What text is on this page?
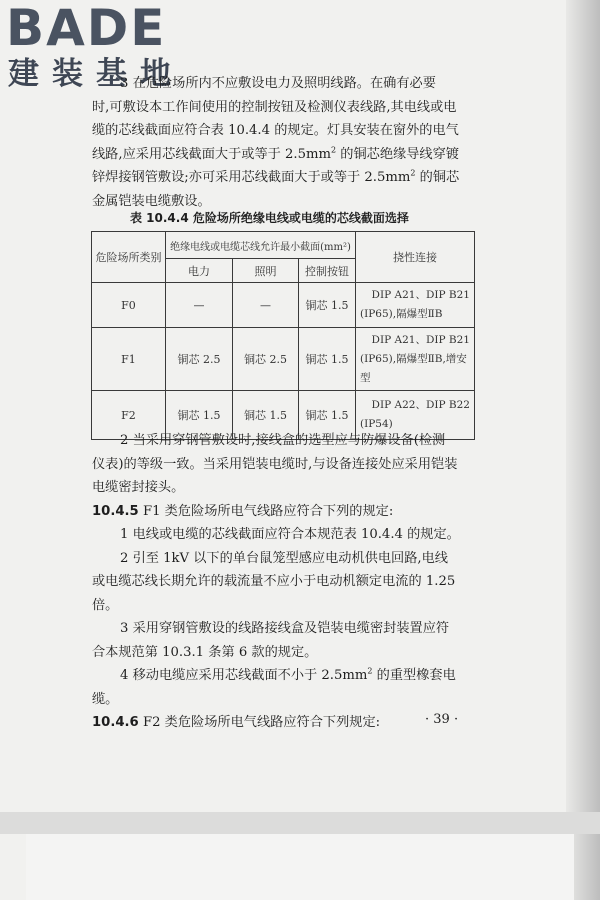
BADE
建装基地
3 在危险场所内不应敷设电力及照明线路。在确有必要
时,可敷设本工作间使用的控制按钮及检测仪表线路,其电线或电
缆的芯线截面应符合表 10.4.4 的规定。灯具安装在窗外的电气
线路,应采用芯线截面大于或等于 $2.5mm^2$ 的铜芯绝缘导线穿镀
锌焊接钢管敷设;亦可采用芯线截面大于或等于 $2.5mm^2$ 的铜芯
金属铠装电缆敷设。
表 10.4.4 危险场所绝缘电线或电缆的芯线截面选择
危险场所类别	绝缘电线或电缆芯线允许最小截面(mm²)			挠性连接
	电力	照明	控制按钮	
F0	—	—	铜芯 1.5	DIP A21、DIP B21
(IP65),隔爆型ⅡB

F1	铜芯 2.5	铜芯 2.5	铜芯 1.5	DIP A21、DIP B21
(IP65),隔爆型ⅡB,增安
型

F2	铜芯 1.5	铜芯 1.5	铜芯 1.5	DIP A22、DIP B22
(IP54)
2 当采用穿钢管敷设时,接线盒的选型应与防爆设备(检测
仪表)的等级一致。当采用铠装电缆时,与设备连接处应采用铠装
电缆密封接头。
10.4.5 F1 类危险场所电气线路应符合下列的规定:
1 电线或电缆的芯线截面应符合本规范表 10.4.4 的规定。
2 引至 1kV 以下的单台鼠笼型感应电动机供电回路,电线
或电缆芯线长期允许的载流量不应小于电动机额定电流的 1.25
倍。
3 采用穿钢管敷设的线路接线盒及铠装电缆密封装置应符
合本规范第 10.3.1 条第 6 款的规定。
4 移动电缆应采用芯线截面不小于 $2.5mm^2$ 的重型橡套电
缆。
10.4.6 F2 类危险场所电气线路应符合下列规定:	· 39 ·
